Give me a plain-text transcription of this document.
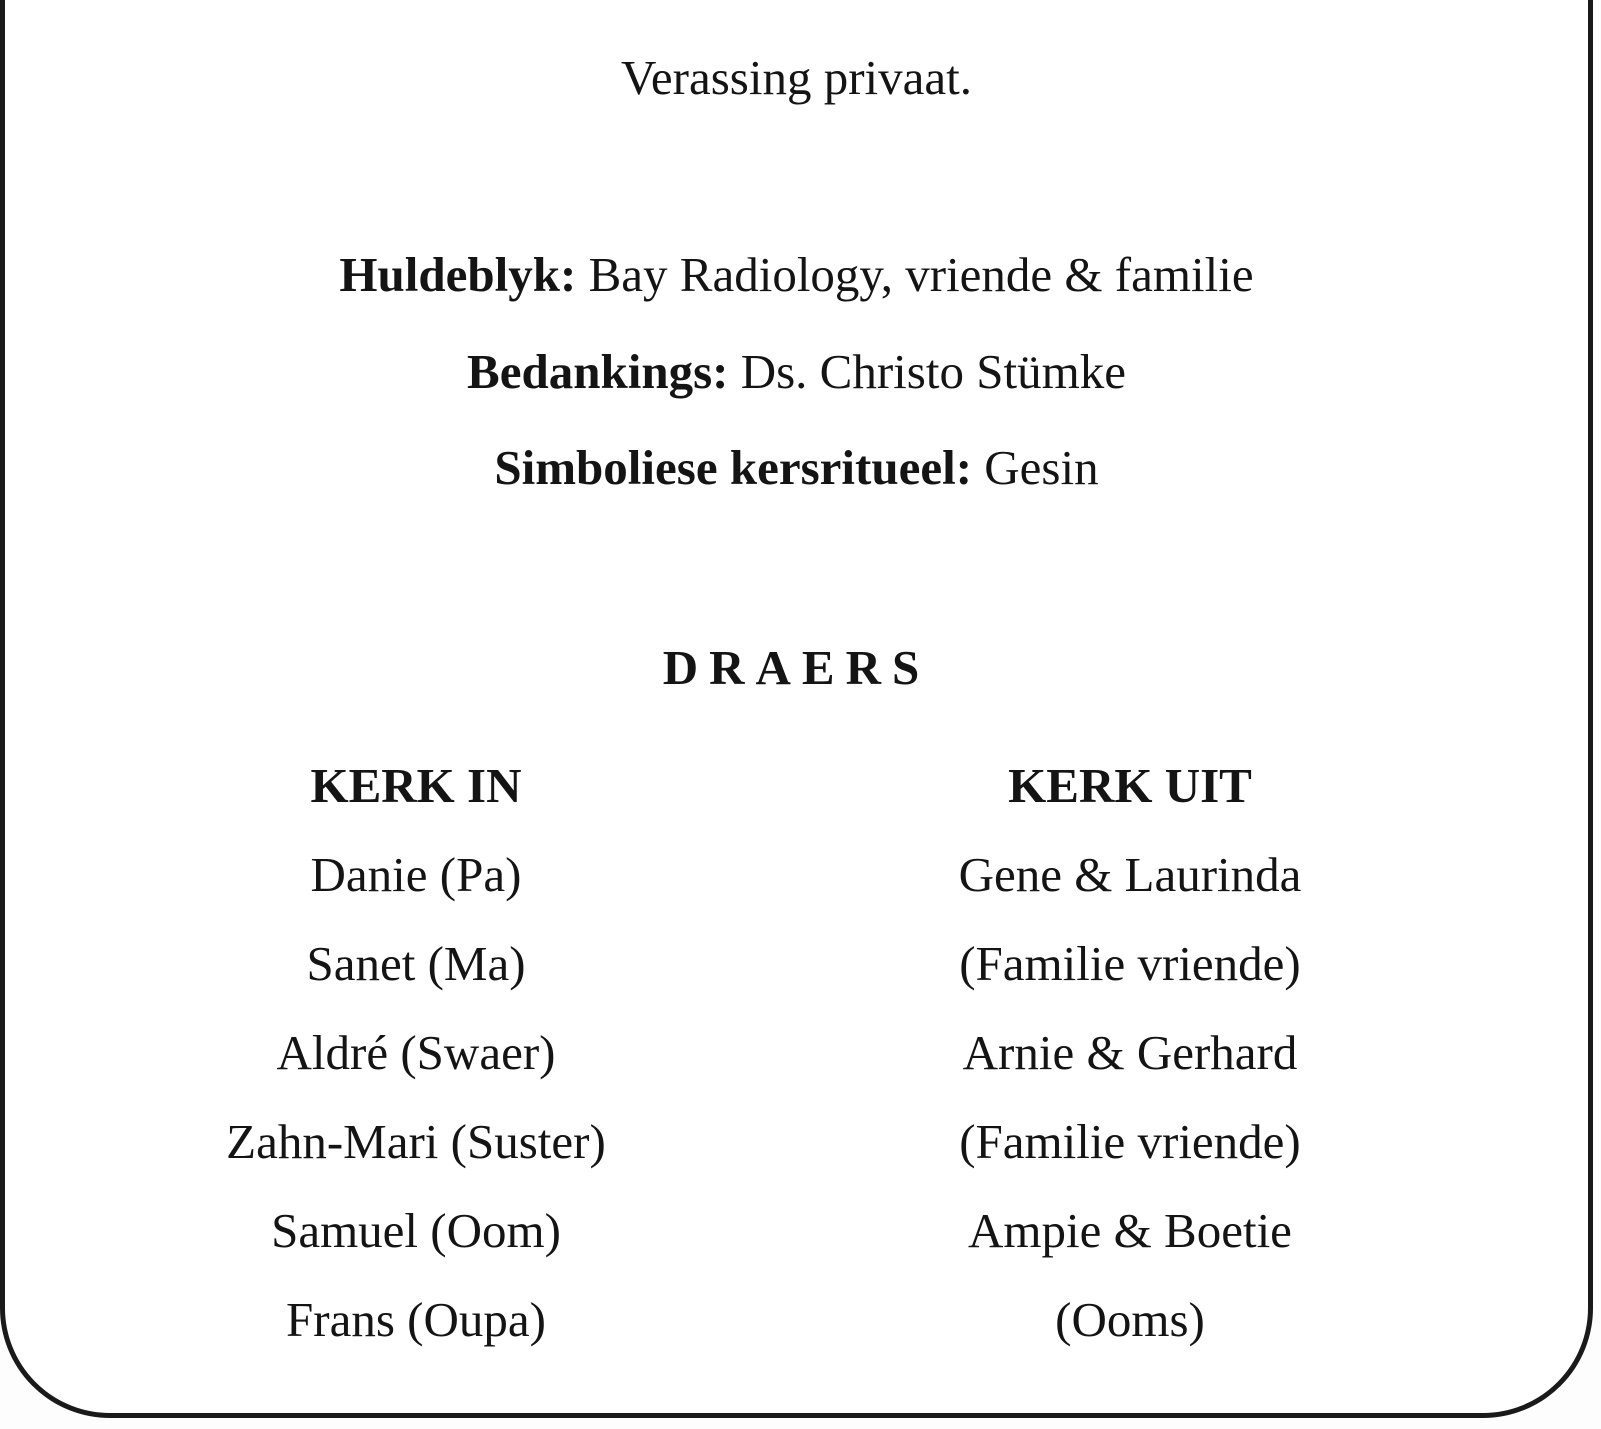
Verassing privaat.
Huldeblyk: Bay Radiology, vriende & familie
Bedankings: Ds. Christo Stümke
Simboliese kersritueel: Gesin
DRAERS
KERK IN
Danie (Pa)
Sanet (Ma)
Aldré (Swaer)
Zahn-Mari (Suster)
Samuel (Oom)
Frans (Oupa)
KERK UIT
Gene & Laurinda
(Familie vriende)
Arnie & Gerhard
(Familie vriende)
Ampie & Boetie
(Ooms)
